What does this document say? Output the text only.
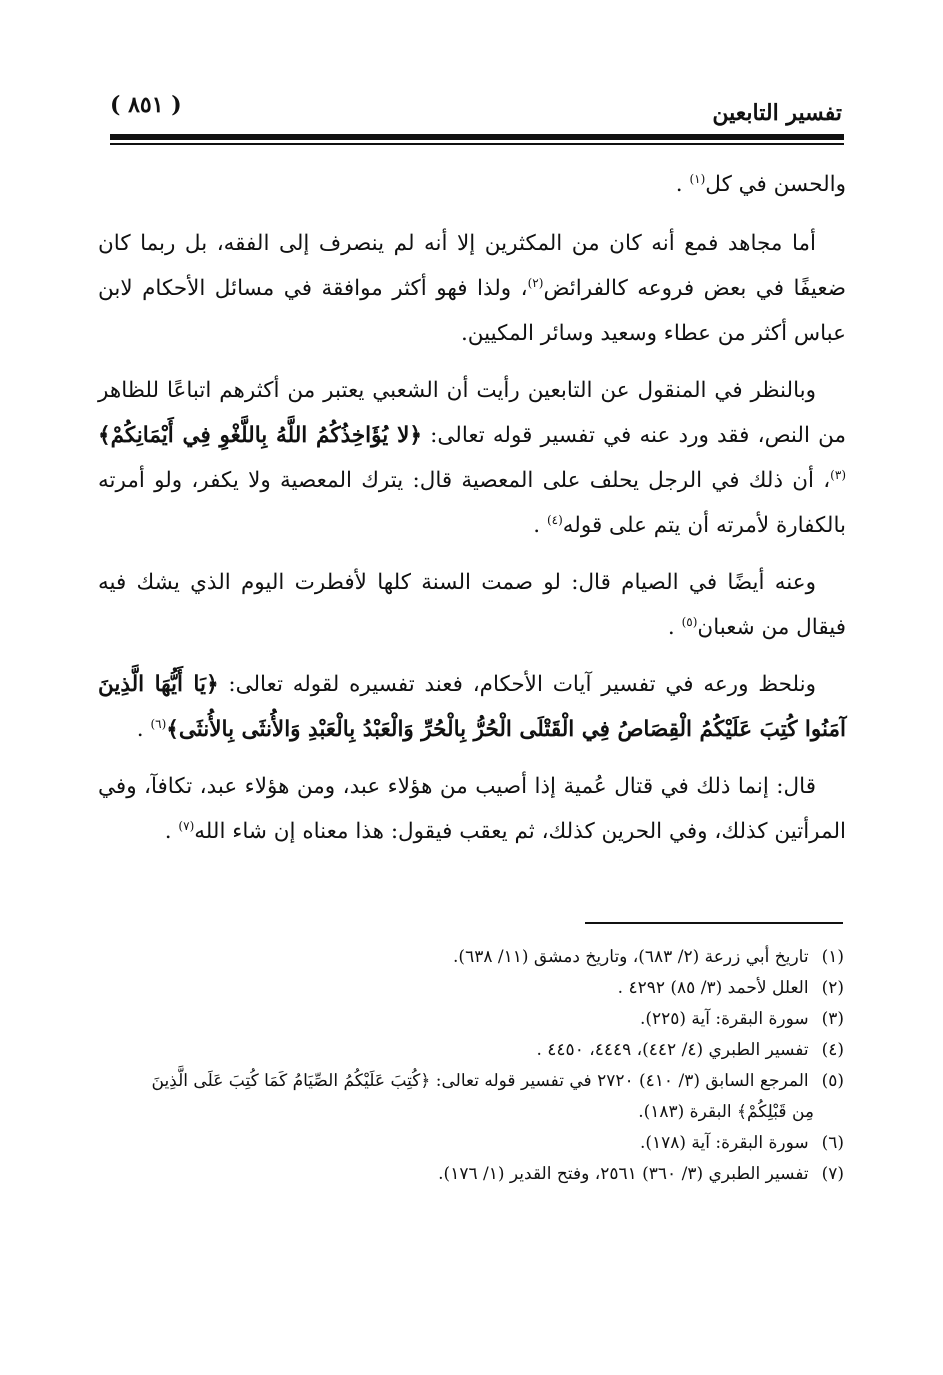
( ٨٥١ )	تفسير التابعين

والحسن في كل$^{(١)}$ .

أما مجاهد فمع أنه كان من المكثرين إلا أنه لم ينصرف إلى الفقه، بل ربما كان ضعيفًا في بعض فروعه كالفرائض$^{(٢)}$، ولذا فهو أكثر موافقة في مسائل الأحكام لابن عباس أكثر من عطاء وسعيد وسائر المكيين.

وبالنظر في المنقول عن التابعين رأيت أن الشعبي يعتبر من أكثرهم اتباعًا للظاهر من النص، فقد ورد عنه في تفسير قوله تعالى: ﴿لا يُؤَاخِذُكُمُ اللَّهُ بِاللَّغْوِ فِي أَيْمَانِكُمْ﴾$^{(٣)}$، أن ذلك في الرجل يحلف على المعصية قال: يترك المعصية ولا يكفر، ولو أمرته بالكفارة لأمرته أن يتم على قوله$^{(٤)}$ .

وعنه أيضًا في الصيام قال: لو صمت السنة كلها لأفطرت اليوم الذي يشك فيه فيقال من شعبان$^{(٥)}$ .

ونلحظ ورعه في تفسير آيات الأحكام، فعند تفسيره لقوله تعالى: ﴿يَا أَيُّهَا الَّذِينَ آمَنُوا كُتِبَ عَلَيْكُمُ الْقِصَاصُ فِي الْقَتْلَى الْحُرُّ بِالْحُرِّ وَالْعَبْدُ بِالْعَبْدِ وَالأُنثَى بِالأُنثَى﴾$^{(٦)}$ .

قال: إنما ذلك في قتال عُمية إذا أصيب من هؤلاء عبد، ومن هؤلاء عبد، تكافآ، وفي المرأتين كذلك، وفي الحرين كذلك، ثم يعقب فيقول: هذا معناه إن شاء الله$^{(٧)}$ .

(١) تاريخ أبي زرعة (٢/ ٦٨٣)، وتاريخ دمشق (١١/ ٦٣٨).

(٢) العلل لأحمد (٣/ ٨٥) ٤٢٩٢ .

(٣) سورة البقرة: آية (٢٢٥).

(٤) تفسير الطبري (٤/ ٤٤٢)، ٤٤٤٩، ٤٤٥٠ .

(٥) المرجع السابق (٣/ ٤١٠) ٢٧٢٠ في تفسير قوله تعالى: ﴿كُتِبَ عَلَيْكُمُ الصِّيَامُ كَمَا كُتِبَ عَلَى الَّذِينَ

مِن قَبْلِكُمْ﴾ البقرة (١٨٣).

(٦) سورة البقرة: آية (١٧٨).

(٧) تفسير الطبري (٣/ ٣٦٠) ٢٥٦١، وفتح القدير (١/ ١٧٦).
